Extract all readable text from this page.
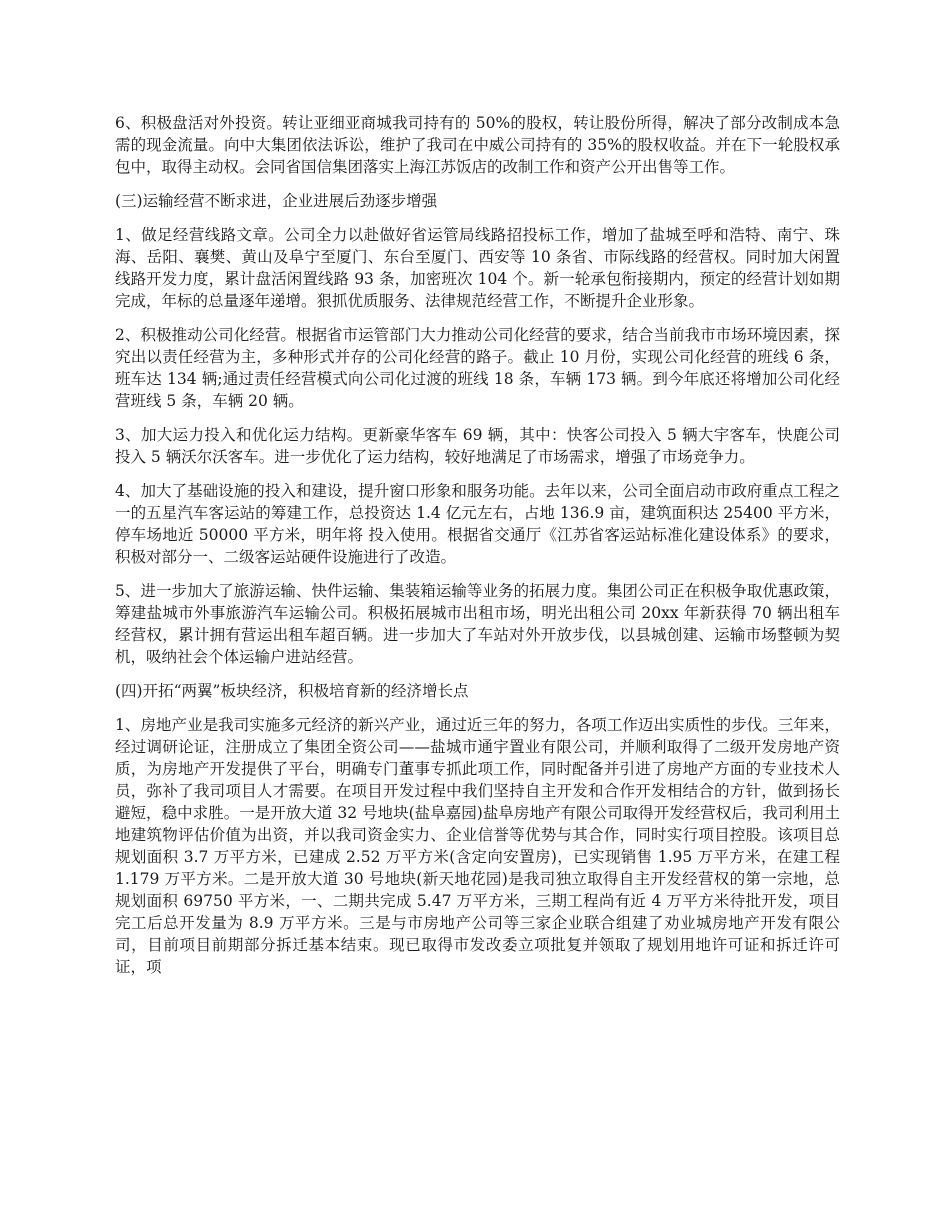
6、积极盘活对外投资。转让亚细亚商城我司持有的 50%的股权，转让股份所得，解决了部分改制成本急需的现金流量。向中大集团依法诉讼，维护了我司在中威公司持有的 35%的股权收益。并在下一轮股权承包中，取得主动权。会同省国信集团落实上海江苏饭店的改制工作和资产公开出售等工作。

(三)运输经营不断求进，企业进展后劲逐步增强

1、做足经营线路文章。公司全力以赴做好省运管局线路招投标工作，增加了盐城至呼和浩特、南宁、珠海、岳阳、襄樊、黄山及阜宁至厦门、东台至厦门、西安等 10 条省、市际线路的经营权。同时加大闲置线路开发力度，累计盘活闲置线路 93 条，加密班次 104 个。新一轮承包衔接期内，预定的经营计划如期完成，年标的总量逐年递增。狠抓优质服务、法律规范经营工作，不断提升企业形象。

2、积极推动公司化经营。根据省市运管部门大力推动公司化经营的要求，结合当前我市市场环境因素，探究出以责任经营为主，多种形式并存的公司化经营的路子。截止 10 月份，实现公司化经营的班线 6 条，班车达 134 辆;通过责任经营模式向公司化过渡的班线 18 条，车辆 173 辆。到今年底还将增加公司化经营班线 5 条，车辆 20 辆。

3、加大运力投入和优化运力结构。更新豪华客车 69 辆，其中：快客公司投入 5 辆大宇客车，快鹿公司投入 5 辆沃尔沃客车。进一步优化了运力结构，较好地满足了市场需求，增强了市场竞争力。

4、加大了基础设施的投入和建设，提升窗口形象和服务功能。去年以来，公司全面启动市政府重点工程之一的五星汽车客运站的筹建工作，总投资达 1.4 亿元左右，占地 136.9 亩，建筑面积达 25400 平方米，停车场地近 50000 平方米，明年将 投入使用。根据省交通厅《江苏省客运站标准化建设体系》的要求，积极对部分一、二级客运站硬件设施进行了改造。

5、进一步加大了旅游运输、快件运输、集装箱运输等业务的拓展力度。集团公司正在积极争取优惠政策，筹建盐城市外事旅游汽车运输公司。积极拓展城市出租市场，明光出租公司 20xx 年新获得 70 辆出租车经营权，累计拥有营运出租车超百辆。进一步加大了车站对外开放步伐，以县城创建、运输市场整顿为契机，吸纳社会个体运输户进站经营。

(四)开拓“两翼”板块经济，积极培育新的经济增长点

1、房地产业是我司实施多元经济的新兴产业，通过近三年的努力，各项工作迈出实质性的步伐。三年来，经过调研论证，注册成立了集团全资公司——盐城市通宇置业有限公司，并顺利取得了二级开发房地产资质，为房地产开发提供了平台，明确专门董事专抓此项工作，同时配备并引进了房地产方面的专业技术人员，弥补了我司项目人才需要。在项目开发过程中我们坚持自主开发和合作开发相结合的方针，做到扬长避短，稳中求胜。一是开放大道 32 号地块(盐阜嘉园)盐阜房地产有限公司取得开发经营权后，我司利用土地建筑物评估价值为出资，并以我司资金实力、企业信誉等优势与其合作，同时实行项目控股。该项目总规划面积 3.7 万平方米，已建成 2.52 万平方米(含定向安置房)，已实现销售 1.95 万平方米，在建工程 1.179 万平方米。二是开放大道 30 号地块(新天地花园)是我司独立取得自主开发经营权的第一宗地，总规划面积 69750 平方米，一、二期共完成 5.47 万平方米，三期工程尚有近 4 万平方米待批开发，项目完工后总开发量为 8.9 万平方米。三是与市房地产公司等三家企业联合组建了劝业城房地产开发有限公司，目前项目前期部分拆迁基本结束。现已取得市发改委立项批复并领取了规划用地许可证和拆迁许可证，项
